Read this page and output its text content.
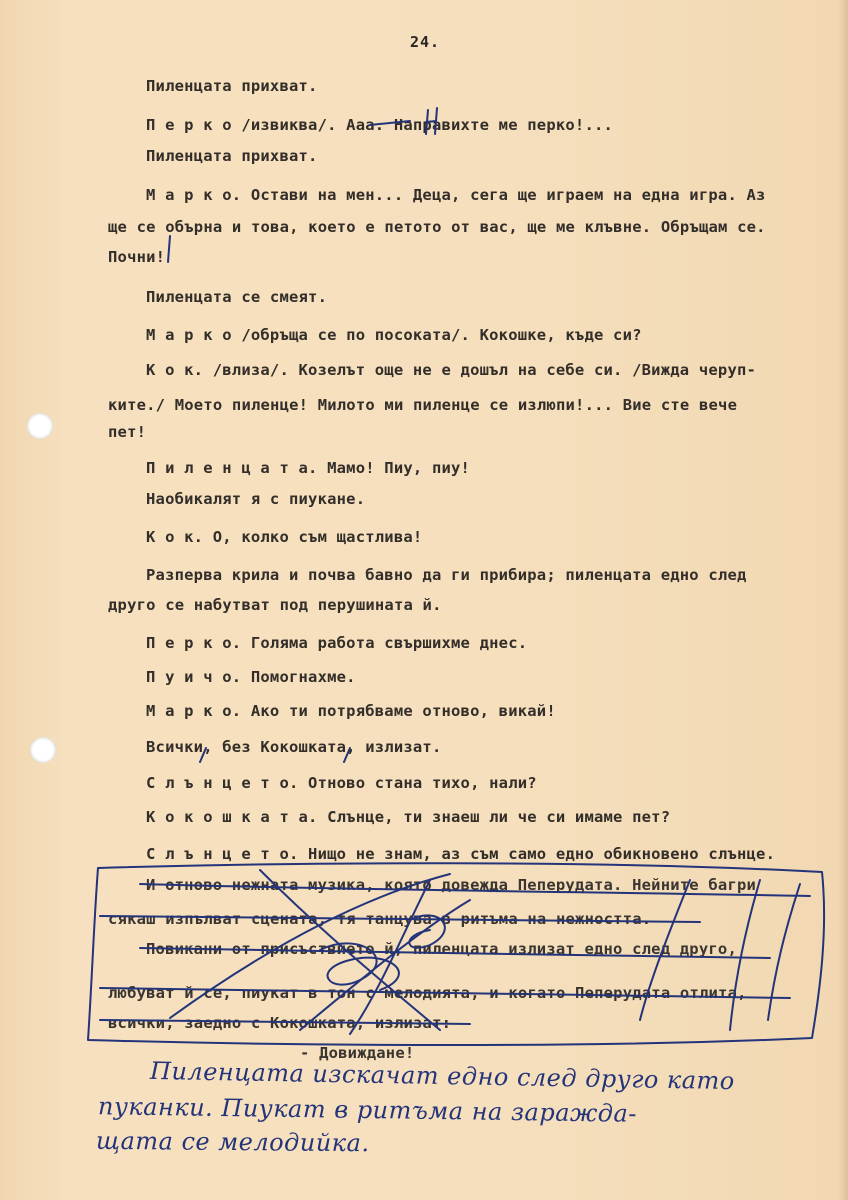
24.
Пиленцата прихват.
П е р к о /извиква/. Ааа. Направихте ме перко!...
Пиленцата прихват.
М а р к о. Остави на мен... Деца, сега ще играем на една игра. Аз
ще се обърна и това, което е петото от вас, ще ме клъвне. Обръщам се.
Почни!
Пиленцата се смеят.
М а р к о /обръща се по посоката/. Кокошке, къде си?
К о к. /влиза/. Козелът още не е дошъл на себе си. /Вижда черуп-
ките./ Моето пиленце! Милото ми пиленце се излюпи!... Вие сте вече
пет!
П и л е н ц а т а. Мамо! Пиу, пиу!
Наобикалят я с пиукане.
К о к. О, колко съм щастлива!
Разперва крила и почва бавно да ги прибира; пиленцата едно след
друго се набутват под перушината й.
П е р к о. Голяма работа свършихме днес.
П у и ч о. Помогнахме.
М а р к о. Ако ти потрябваме отново, викай!
Всички, без Кокошката, излизат.
С л ъ н ц е т о. Отново стана тихо, нали?
К о к о ш к а т а. Слънце, ти знаеш ли че си имаме пет?
С л ъ н ц е т о. Нищо не знам, аз съм само едно обикновено слънце.
И отново нежната музика, която довежда Пеперудата. Нейните багри
сякаш изпълват сцената, тя танцува в ритъма на нежността.
Повикани от присъствието й, пиленцата излизат едно след друго,
любуват й се, пиукат в тон с мелодията, и когато Пеперудата отлита,
всички, заедно с Кокошката, излизат:
- Довиждане!
Пиленцата изскачат едно след друго като
пуканки. Пиукат в ритъма на заражда-
щата се мелодийка.
